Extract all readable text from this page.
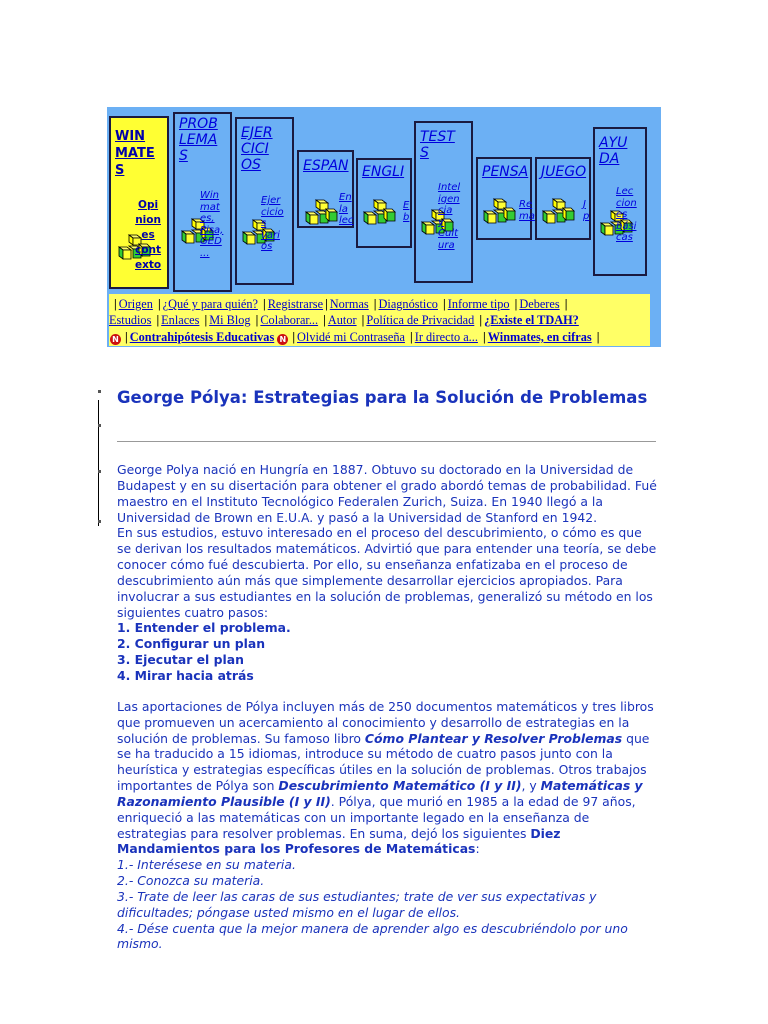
WIN
MATE
S
Opi
nion
es
cont
exto
PROB
LEMA
S
Win
mat
es,
Pisa,
GED
...
EJER
CICI
OS
Ejer
cicio
s
vari
os
ESPAN
En
la
lec
ENGLI
E
b
TEST
S
Intel
igen
cia
y
Cult
ura
PENSA
Re
ma
JUEGO
J
p
AYU
DA
Lec
cion
es
bási
cas
| Origen | ¿Qué y para quién? | Registrarse | Normas | Diagnóstico | Informe tipo | Deberes |
Estudios | Enlaces | Mi Blog | Colaborar... | Autor | Política de Privacidad | ¿Existe el TDAH?
N | Contrahipótesis Educativas N | Olvidé mi Contraseña | Ir directo a... | Winmates, en cifras |
George Pólya: Estrategias para la Solución de Problemas

George Polya nació en Hungría en 1887. Obtuvo su doctorado en la Universidad de Budapest y en su disertación para obtener el grado abordó temas de probabilidad. Fué maestro en el Instituto Tecnológico Federalen Zurich, Suiza. En 1940 llegó a la Universidad de Brown en E.U.A. y pasó a la Universidad de Stanford en 1942.

En sus estudios, estuvo interesado en el proceso del descubrimiento, o cómo es que se derivan los resultados matemáticos. Advirtió que para entender una teoría, se debe conocer cómo fué descubierta. Por ello, su enseñanza enfatizaba en el proceso de descubrimiento aún más que simplemente desarrollar ejercicios apropiados. Para involucrar a sus estudiantes en la solución de problemas, generalizó su método en los siguientes cuatro pasos:

1. Entender el problema.
2. Configurar un plan
3. Ejecutar el plan
4. Mirar hacia atrás

Las aportaciones de Pólya incluyen más de 250 documentos matemáticos y tres libros que promueven un acercamiento al conocimiento y desarrollo de estrategias en la solución de problemas. Su famoso libro Cómo Plantear y Resolver Problemas que se ha traducido a 15 idiomas, introduce su método de cuatro pasos junto con la heurística y estrategias específicas útiles en la solución de problemas. Otros trabajos importantes de Pólya son Descubrimiento Matemático (I y II), y Matemáticas y Razonamiento Plausible (I y II). Pólya, que murió en 1985 a la edad de 97 años, enriqueció a las matemáticas con un importante legado en la enseñanza de estrategias para resolver problemas. En suma, dejó los siguientes Diez Mandamientos para los Profesores de Matemáticas:

1.- Interésese en su materia.
2.- Conozca su materia.
3.- Trate de leer las caras de sus estudiantes; trate de ver sus expectativas y dificultades; póngase usted mismo en el lugar de ellos.
4.- Dése cuenta que la mejor manera de aprender algo es descubriéndolo por uno mismo.
